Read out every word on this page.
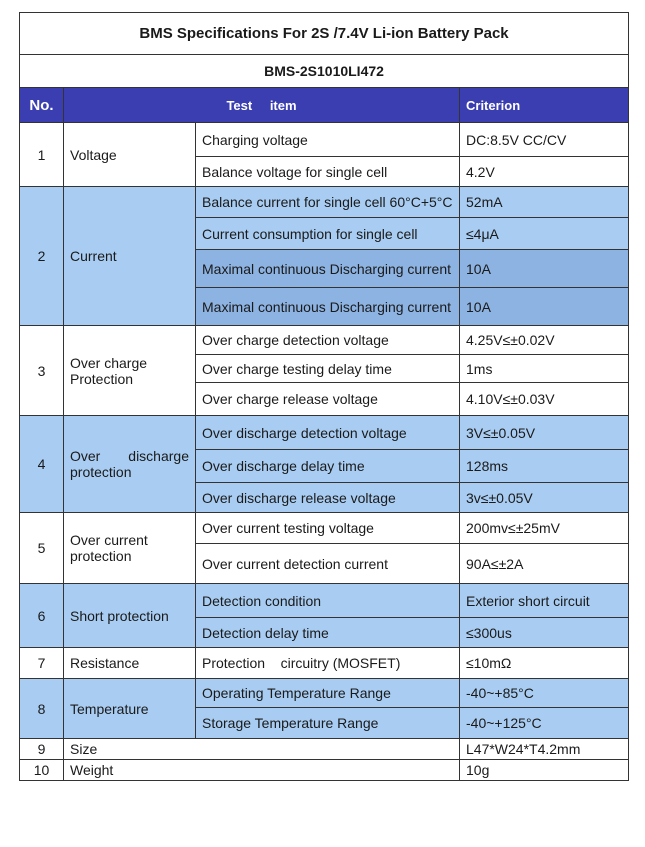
BMS Specifications For 2S /7.4V Li-ion Battery Pack			
BMS-2S1010LI472			
No.	Test item		Criterion
1	Voltage	Charging voltage	DC:8.5V CC/CV
		Balance voltage for single cell	4.2V
2	Current	Balance current for single cell 60°C+5°C	52mA
		Current consumption for single cell	≤4μA
		Maximal continuous Discharging current	10A
		Maximal continuous Discharging current	10A
3	Over charge Protection	Over charge detection voltage	4.25V≤±0.02V
		Over charge testing delay time	1ms
		Over charge release voltage	4.10V≤±0.03V
4	Over discharge protection	Over discharge detection voltage	3V≤±0.05V
		Over discharge delay time	128ms
		Over discharge release voltage	3v≤±0.05V
5	Over current protection	Over current testing voltage	200mv≤±25mV
		Over current detection current	90A≤±2A
6	Short protection	Detection condition	Exterior short circuit
		Detection delay time	≤300us
7	Resistance	Protection    circuitry (MOSFET)	≤10mΩ
8	Temperature	Operating Temperature Range	-40~+85°C
		Storage Temperature Range	-40~+125°C
9	Size		L47*W24*T4.2mm
10	Weight		10g
